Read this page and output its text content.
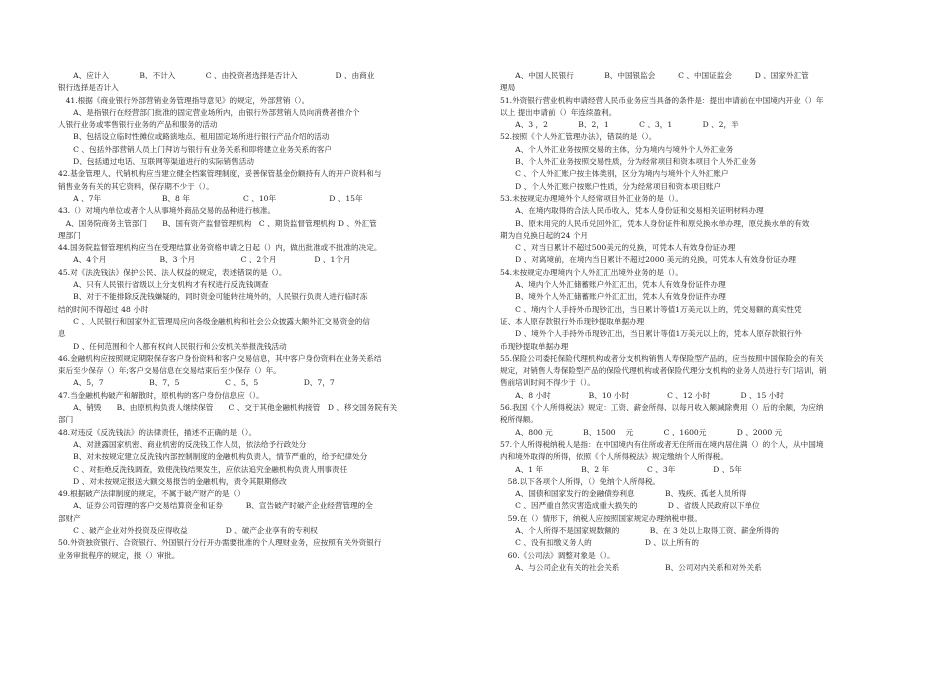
　　A、应计入　　　　B、不计入　　　　C 、由投资者选择是否计入　　　　　D 、由商业
银行选择是否计入
　41.根据《商业银行外部营销业务管理指导意见》的规定，外部营销（）。
　　A、是指银行在经营部门批准的固定营业场所内，由银行外部营销人员向消费者推介个
人银行业务或零售银行业务的产品和服务的活动
　　B、包括设立临时性摊位或路演地点、租用固定场所进行银行产品介绍的活动
　　C 、包括外部营销人员上门拜访与银行有业务关系和即将建立业务关系的客户
　　D、包括通过电话、互联网等渠道进行的实际销售活动
42.基金管理人、代销机构应当建立健全档案管理制度，妥善保管基金份额持有人的开户资料和与
销售业务有关的其它资料，保存期不少于（）。
　　A 、7年　　　　　　　　B、8 年　　　　　　　C 、10年　　　　　　　D 、15年
43.（）对境内单位或者个人从事境外商品交易的品种进行核准。
　A、国务院商务主管部门　　B、国有资产监督管理机构　C 、期货监督管理机构 D 、外汇管
理部门
44.国务院监督管理机构应当在受理结算业务资格申请之日起（）内，做出批准或不批准的决定。
　　A、4个月　　　　　　　B、3 个月　　　　　　C 、2个月　　　　　D 、1个月
45.对《法洗钱法》保护公民、法人权益的规定，表述错误的是（）。
　　A、只有人民银行省级以上分支机构才有权进行反洗钱调查
　　B、对于不能排除反洗钱嫌疑的，同时资金可能转往境外的，人民银行负责人进行临时冻
结的时间不得超过 48 小时
　　C 、人民银行和国家外汇管理局应向各级金融机构和社会公众披露大额外汇交易资金的信
息
　　D 、任何范围和个人都有权向人民银行和公安机关举报洗钱活动
46.金融机构应按照规定期限保存客户身份资料和客户交易信息，其中客户身份资料在业务关系结
束后至少保存（）年;客户交易信息在交易结束后至少保存（）年。
　　A、5，7　　　　　　B、7，5　　　　　　C 、5，5　　　　　　D、7，7
47.当金融机构破产和解散时，原机构的客户身份信息应（）。
　　A、销毁　　B、由原机构负责人继续保管　　C 、交于其他金融机构接管　D 、移交国务院有关
部门
48.对违反《反洗钱法》的法律责任，描述不正确的是（）。
　　A、对泄露国家机密、商业机密的反洗钱工作人员，依法给予行政处分
　　B、对未按规定建立反洗钱内部控制制度的金融机构负责人，情节严重的，给予纪律处分
　　C 、对拒绝反洗钱调查，致使洗钱结果发生，应依法追究金融机构负责人刑事责任
　　D 、对未按规定报送大额交易报告的金融机构，责令其限期修改
49.根据破产法律制度的规定，不属于破产财产的是（）
　　A、证券公司管理的客户交易结算资金和证券　　　B、宣告破产时破产企业经营管理的全
部财产
　　C 、破产企业对外投资及应得收益　　　　　D 、破产企业享有的专利权
50.外资独资银行、合资银行、外国银行分行开办需要批准的个人理财业务，应按照有关外资银行
业务审批程序的规定，报（）审批。
　　A、中国人民银行　　　　B、中国银监会　　　C 、中国证监会　　　D 、国家外汇管
理局
51.外资银行营业机构申请经营人民币业务应当具备的条件是：提出申请前在中国境内开业（）年
以上 提出申请前（）年连续盈利。
　　A、3 ，2　　　　B、2，1　　　　C 、3，1　　　　D 、2，半
52.按照《个人外汇管理办法》，错误的是（）。
　　A、个人外汇业务按照交易的主体，分为境内与境外个人外汇业务
　　B、个人外汇业务按照交易性质，分为经常项目和资本项目个人外汇业务
　　C 、个人外汇账户按主体类别，区分为境内与境外个人外汇账户
　　D 、个人外汇账户按账户性质，分为经常项目和资本项目账户
53.未按规定办理境外个人经常项目外汇业务的是（）。
　　A、在境内取得的合法人民币收入，凭本人身份证和交易相关证明材料办理
　　B、原未用完的人民币兑回外汇，凭本人身份证件和原兑换水单办理，原兑换水单的有效
期为自兑换日起的24 个月
　　C 、对当日累计不超过500美元的兑换，可凭本人有效身份证办理
　　D 、对离境前，在境内当日累计不超过2000 美元的兑换，可凭本人有效身份证办理
54.未按规定办理境内个人外汇汇出境外业务的是（）。
　　A、境内个人外汇储蓄账户外汇汇出，凭本人有效身份证件办理
　　B、境外个人外汇储蓄账户外汇汇出，凭本人有效身份证件办理
　　C 、境内个人手持外币现钞汇出，当日累计等值1万美元以上的，凭交易额的真实性凭
证、本人原存款银行外币现钞提取单据办理
　　D 、境外个人手持外币现钞汇出，当日累计等值1万美元以上的，凭本人原存款银行外
币现钞提取单据办理
55.保险公司委托保险代理机构或者分支机构销售人寿保险型产品的，应当按照中国保险会的有关
规定，对销售人寿保险型产品的保险代理机构或者保险代理分支机构的业务人员进行专门培训，销
售前培训时间不得少于（）。
　　A、8 小时　　　　　B、10 小时　　　　　C 、12 小时　　　　D 、15 小时
56.我国《个人所得税法》规定：工资、薪金所得、以每月收入额减除费用（）后的余额，为应纳
税所得额。
　　A、800 元　　　　B、1500　 元　　　　C 、1600元　　　　D 、2000 元
57.个人所得税纳税人是指：在中国境内有住所或者无住所而在境内居住满（）的个人，从中国境
内和境外取得的所得，依照《个人所得税法》规定缴纳个人所得税。
　　A、1 年　　　　　B、2 年　　　　　C 、3年　　　　　D 、5年
　58.以下各项个人所得，（）免纳个人所得税。
　　A、国债和国家发行的金融债券利息　　　　B、残疾、孤老人员所得
　　C 、因严重自然灾害造成重大损失的　　　　D 、省级人民政府以下单位
　59.在（）情形下，纳税人应按照国家规定办理纳税申报。
　　A、个人所得不是国家规数额的　　　　B、在 3 处以上取得工资、薪金所得的
　　C 、没有扣缴义务人的　　　　　　　D 、以上所有的
　60.《公司法》调整对象是（）。
　　A、与公司企业有关的社会关系　　　　　　B、公司对内关系和对外关系
